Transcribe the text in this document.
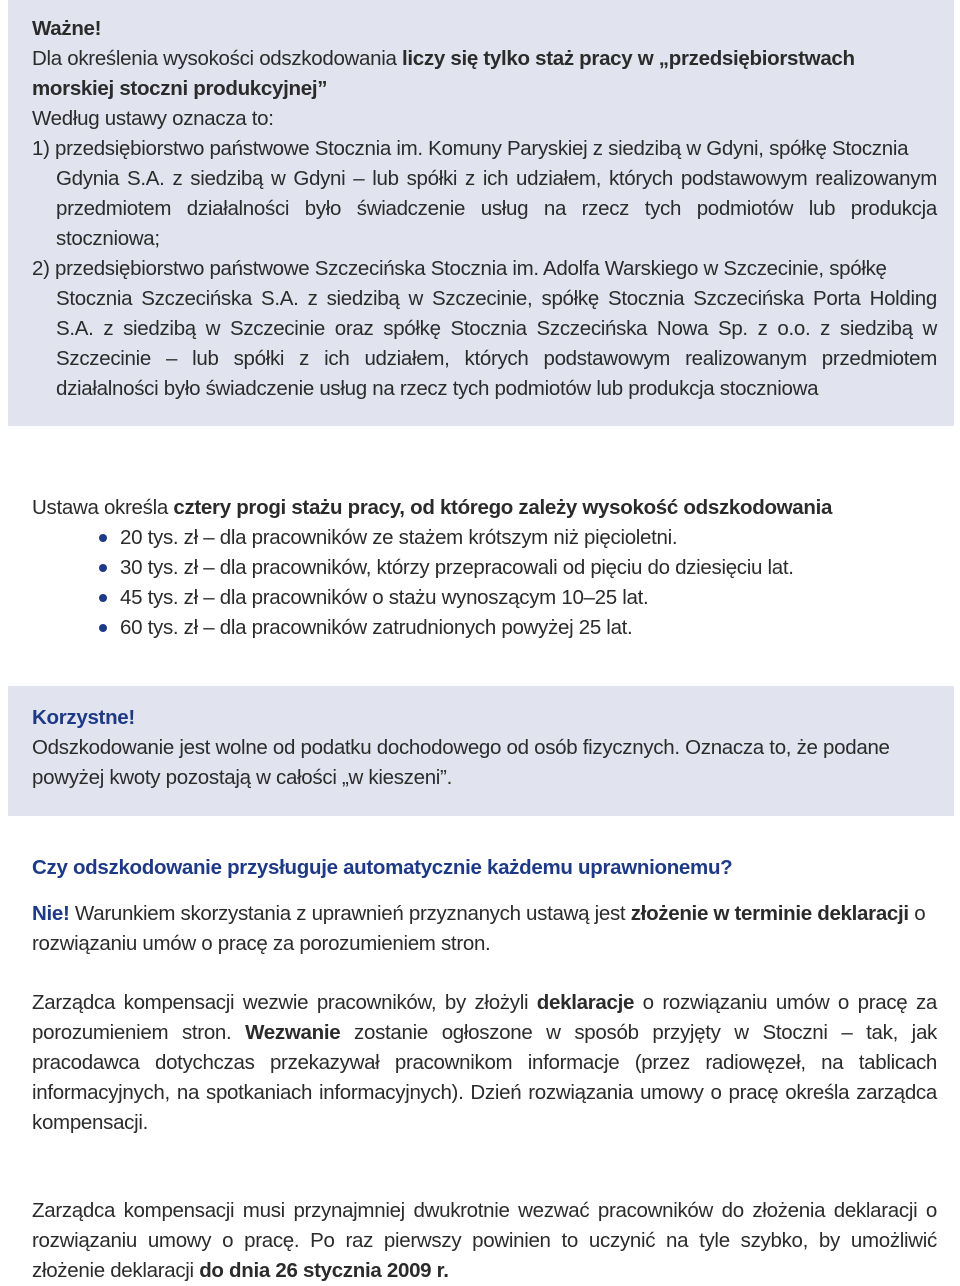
Ważne!

Dla określenia wysokości odszkodowania liczy się tylko staż pracy w „przedsiębiorstwach morskiej stoczni produkcyjnej”

Według ustawy oznacza to:

1) przedsiębiorstwo państwowe Stocznia im. Komuny Paryskiej z siedzibą w Gdyni, spółkę Stocznia

Gdynia S.A. z siedzibą w Gdyni – lub spółki z ich udziałem, których podstawowym realizowanym przedmiotem działalności było świadczenie usług na rzecz tych podmiotów lub produkcja stoczniowa;

2) przedsiębiorstwo państwowe Szczecińska Stocznia im. Adolfa Warskiego w Szczecinie, spółkę

Stocznia Szczecińska S.A. z siedzibą w Szczecinie, spółkę Stocznia Szczecińska Porta Holding S.A. z siedzibą w Szczecinie oraz spółkę Stocznia Szczecińska Nowa Sp. z o.o. z siedzibą w Szczecinie – lub spółki z ich udziałem, których podstawowym realizowanym przedmiotem działalności było świadczenie usług na rzecz tych podmiotów lub produkcja stoczniowa

Ustawa określa cztery progi stażu pracy, od którego zależy wysokość odszkodowania

20 tys. zł – dla pracowników ze stażem krótszym niż pięcioletni.
30 tys. zł – dla pracowników, którzy przepracowali od pięciu do dziesięciu lat.
45 tys. zł – dla pracowników o stażu wynoszącym 10–25 lat.
60 tys. zł – dla pracowników zatrudnionych powyżej 25 lat.

Korzystne!

Odszkodowanie jest wolne od podatku dochodowego od osób fizycznych. Oznacza to, że podane powyżej kwoty pozostają w całości „w kieszeni”.

Czy odszkodowanie przysługuje automatycznie każdemu uprawnionemu?

Nie! Warunkiem skorzystania z uprawnień przyznanych ustawą jest złożenie w terminie deklaracji o rozwiązaniu umów o pracę za porozumieniem stron.

Zarządca kompensacji wezwie pracowników, by złożyli deklaracje o rozwiązaniu umów o pracę za porozumieniem stron. Wezwanie zostanie ogłoszone w sposób przyjęty w Stoczni – tak, jak pracodawca dotychczas przekazywał pracownikom informacje (przez radiowęzeł, na tablicach informacyjnych, na spotkaniach informacyjnych). Dzień rozwiązania umowy o pracę określa zarządca kompensacji.

Zarządca kompensacji musi przynajmniej dwukrotnie wezwać pracowników do złożenia deklaracji o rozwiązaniu umowy o pracę. Po raz pierwszy powinien to uczynić na tyle szybko, by umożliwić złożenie deklaracji do dnia 26 stycznia 2009 r.
